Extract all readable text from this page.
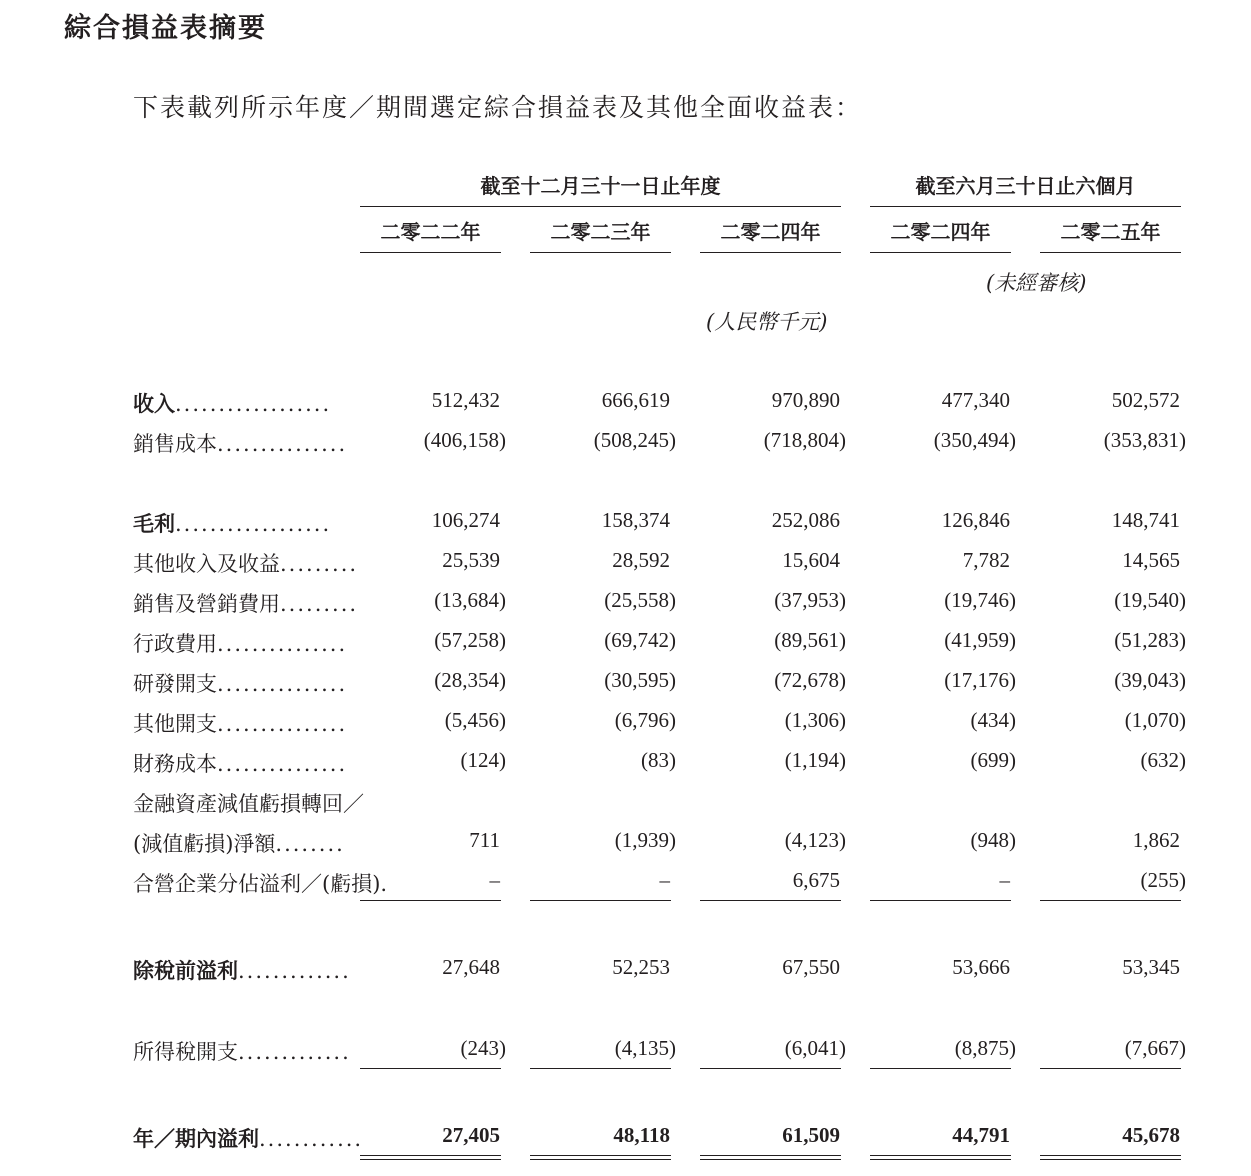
綜合損益表摘要
下表載列所示年度／期間選定綜合損益表及其他全面收益表：
截至十二月三十一日止年度	截至六月三十日止六個月
二零二二年	二零二三年	二零二四年	二零二四年	二零二五年
(未經審核)
(人民幣千元)
收入..................	512,432	666,619	970,890	477,340	502,572
銷售成本...............	(406,158)	(508,245)	(718,804)	(350,494)	(353,831)
毛利..................	106,274	158,374	252,086	126,846	148,741
其他收入及收益.........	25,539	28,592	15,604	7,782	14,565
銷售及營銷費用.........	(13,684)	(25,558)	(37,953)	(19,746)	(19,540)
行政費用...............	(57,258)	(69,742)	(89,561)	(41,959)	(51,283)
研發開支...............	(28,354)	(30,595)	(72,678)	(17,176)	(39,043)
其他開支...............	(5,456)	(6,796)	(1,306)	(434)	(1,070)
財務成本...............	(124)	(83)	(1,194)	(699)	(632)
金融資產減值虧損轉回／
(減值虧損)淨額........	711	(1,939)	(4,123)	(948)	1,862
合營企業分佔溢利／(虧損).	–	–	6,675	–	(255)
除稅前溢利.............	27,648	52,253	67,550	53,666	53,345
所得稅開支.............	(243)	(4,135)	(6,041)	(8,875)	(7,667)
年／期內溢利............	27,405	48,118	61,509	44,791	45,678
